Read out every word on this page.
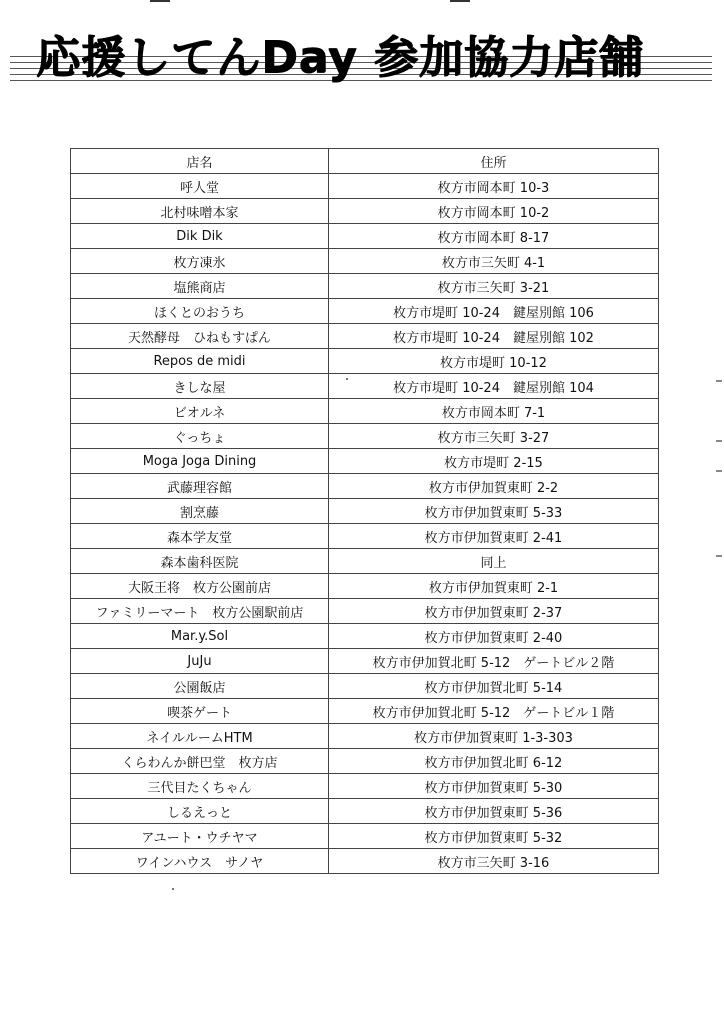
応援してんDay 参加協力店舗
店名	住所
呼人堂	枚方市岡本町 10-3
北村味噌本家	枚方市岡本町 10-2
Dik Dik	枚方市岡本町 8-17
枚方凍氷	枚方市三矢町 4-1
塩熊商店	枚方市三矢町 3-21
ほくとのおうち	枚方市堤町 10-24　鍵屋別館 106
天然酵母　ひねもすぱん	枚方市堤町 10-24　鍵屋別館 102
Repos de midi	枚方市堤町 10-12
きしな屋	枚方市堤町 10-24　鍵屋別館 104
ビオルネ	枚方市岡本町 7-1
ぐっちょ	枚方市三矢町 3-27
Moga Joga Dining	枚方市堤町 2-15
武藤理容館	枚方市伊加賀東町 2-2
割烹藤	枚方市伊加賀東町 5-33
森本学友堂	枚方市伊加賀東町 2-41
森本歯科医院	同上
大阪王将　枚方公園前店	枚方市伊加賀東町 2-1
ファミリーマート　枚方公園駅前店	枚方市伊加賀東町 2-37
Mar.y.Sol	枚方市伊加賀東町 2-40
JuJu	枚方市伊加賀北町 5-12　ゲートビル２階
公園飯店	枚方市伊加賀北町 5-14
喫茶ゲート	枚方市伊加賀北町 5-12　ゲートビル１階
ネイルルームHTM	枚方市伊加賀東町 1-3-303
くらわんか餅巴堂　枚方店	枚方市伊加賀北町 6-12
三代目たくちゃん	枚方市伊加賀東町 5-30
しるえっと	枚方市伊加賀東町 5-36
アユート・ウチヤマ	枚方市伊加賀東町 5-32
ワインハウス　サノヤ	枚方市三矢町 3-16
